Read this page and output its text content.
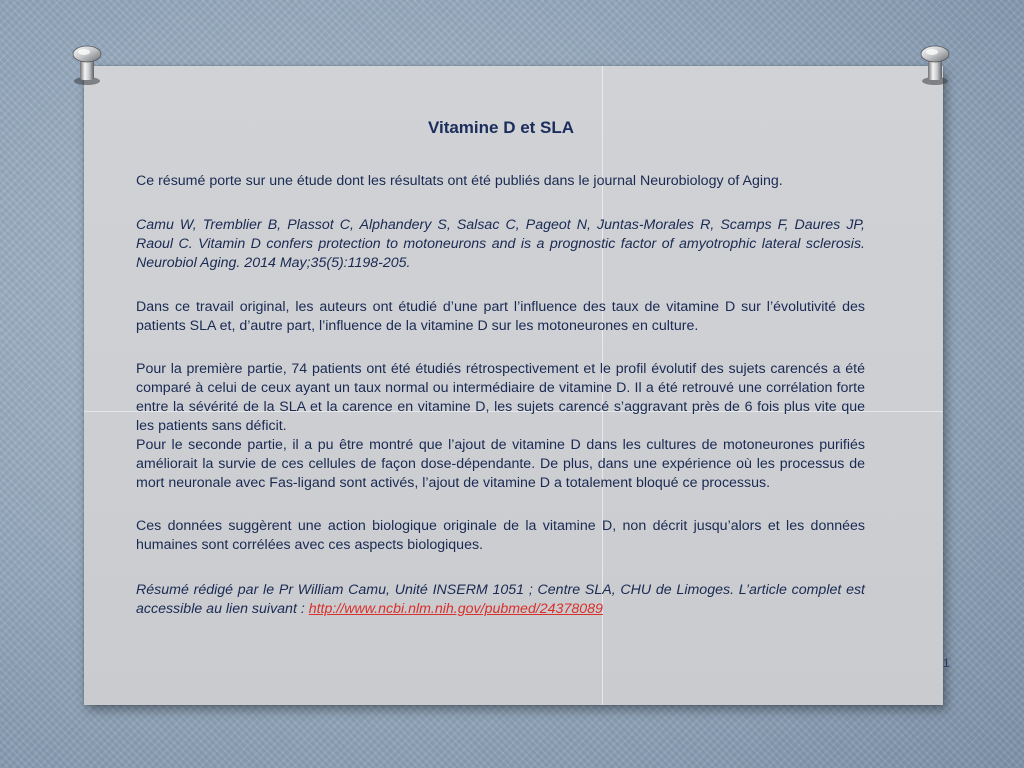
Vitamine D et SLA

Ce résumé porte sur une étude dont les résultats ont été publiés dans le journal Neurobiology of Aging.

Camu W, Tremblier B, Plassot C, Alphandery S, Salsac C, Pageot N, Juntas-Morales R, Scamps F, Daures JP, Raoul C. Vitamin D confers protection to motoneurons and is a prognostic factor of amyotrophic lateral sclerosis. Neurobiol Aging. 2014 May;35(5):1198-205.

Dans ce travail original, les auteurs ont étudié d’une part l’influence des taux de vitamine D sur l’évolutivité des patients SLA et, d’autre part, l’influence de la vitamine D sur les motoneurones en culture.

Pour la première partie, 74 patients ont été étudiés rétrospectivement et le profil évolutif des sujets carencés a été comparé à celui de ceux ayant un taux normal ou intermédiaire de vitamine D. Il a été retrouvé une corrélation forte entre la sévérité de la SLA et la carence en vitamine D, les sujets carencé s’aggravant près de 6 fois plus vite que les patients sans déficit.

Pour le seconde partie, il a pu être montré que l’ajout de vitamine D dans les cultures de motoneurones purifiés améliorait la survie de ces cellules de façon dose-dépendante. De plus, dans une expérience où les processus de mort neuronale avec Fas-ligand sont activés, l’ajout de vitamine D a totalement bloqué ce processus.

Ces données suggèrent une action biologique originale de la vitamine D, non décrit jusqu’alors et les données humaines sont corrélées avec ces aspects biologiques.

Résumé rédigé par le Pr William Camu, Unité INSERM 1051 ; Centre SLA, CHU de Limoges. L’article complet est accessible au lien suivant : http://www.ncbi.nlm.nih.gov/pubmed/24378089

1
